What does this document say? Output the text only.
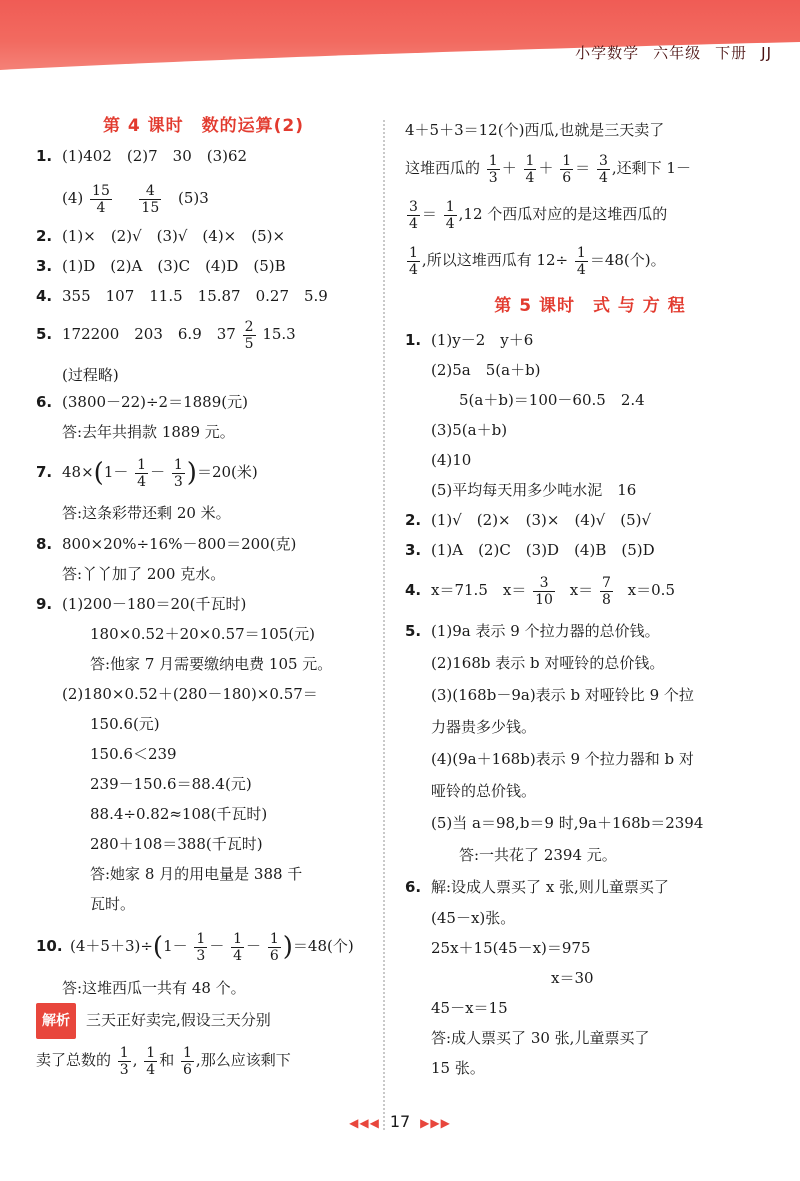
小学数学 六年级 下册 JJ
第 4 课时　数的运算(2)
1. (1)402　(2)7　30　(3)62
$(4) \frac{15}{4}$
$\frac{4}{15} (5)3$
2. (1)×　(2)√　(3)√　(4)×　(5)×
3. (1)D　(2)A　(3)C　(4)D　(5)B
4. 355　107　11.5　15.87　0.27　5.9
5. 172200　203　6.9　$37 \frac{2}{5} 15.3$
(过程略)
6. (3800－22)÷2＝1889(元)
答:去年共捐款 1889 元。
7. $48\times(1- \frac{1}{4} - \frac{1}{3} )=20$(米)
答:这条彩带还剩 20 米。
8. 800×20%÷16%－800＝200(克)
答:丫丫加了 200 克水。
9. (1)200－180＝20(千瓦时)
180×0.52＋20×0.57＝105(元)
答:他家 7 月需要缴纳电费 105 元。
(2)180×0.52＋(280－180)×0.57＝
150.6(元)
150.6＜239
239－150.6＝88.4(元)
88.4÷0.82≈108(千瓦时)
280＋108＝388(千瓦时)
答:她家 8 月的用电量是 388 千
瓦时。
10. $(4+5+3)\div(1- \frac{1}{3} - \frac{1}{4} - \frac{1}{6} )=48$(个)
答:这堆西瓜一共有 48 个。
解析 三天正好卖完,假设三天分别
卖了总数的 $\frac{1}{3}$ , $\frac{1}{4}$ 和 $\frac{1}{6}$ ,那么应该剩下
4＋5＋3＝12(个)西瓜,也就是三天卖了
这堆西瓜的 $\frac{1}{3} + \frac{1}{4} + \frac{1}{6} = \frac{3}{4}$ ,还剩下 1－
$\frac{3}{4} = \frac{1}{4} ,12$ 个西瓜对应的是这堆西瓜的
$\frac{1}{4}$ ,所以这堆西瓜有 $12\div \frac{1}{4} =48$(个)。
第 5 课时　式 与 方 程
1. (1)y－2　y＋6
(2)5a　5(a＋b)
5(a＋b)＝100－60.5　2.4
(3)5(a＋b)
(4)10
(5)平均每天用多少吨水泥　16
2. (1)√　(2)×　(3)×　(4)√　(5)√
3. (1)A　(2)C　(3)D　(4)B　(5)D
4. x＝71.5　$x= \frac{3}{10} x= \frac{7}{8} x=0.5$
5. (1)9a 表示 9 个拉力器的总价钱。
(2)168b 表示 b 对哑铃的总价钱。
(3)(168b－9a)表示 b 对哑铃比 9 个拉
力器贵多少钱。
(4)(9a＋168b)表示 9 个拉力器和 b 对
哑铃的总价钱。
(5)当 a＝98,b＝9 时,9a＋168b＝2394
答:一共花了 2394 元。
6. 解:设成人票买了 x 张,则儿童票买了
(45－x)张。
25x＋15(45－x)＝975
x＝30
45－x＝15
答:成人票买了 30 张,儿童票买了
15 张。
◀◀◀ 17 ▶▶▶
